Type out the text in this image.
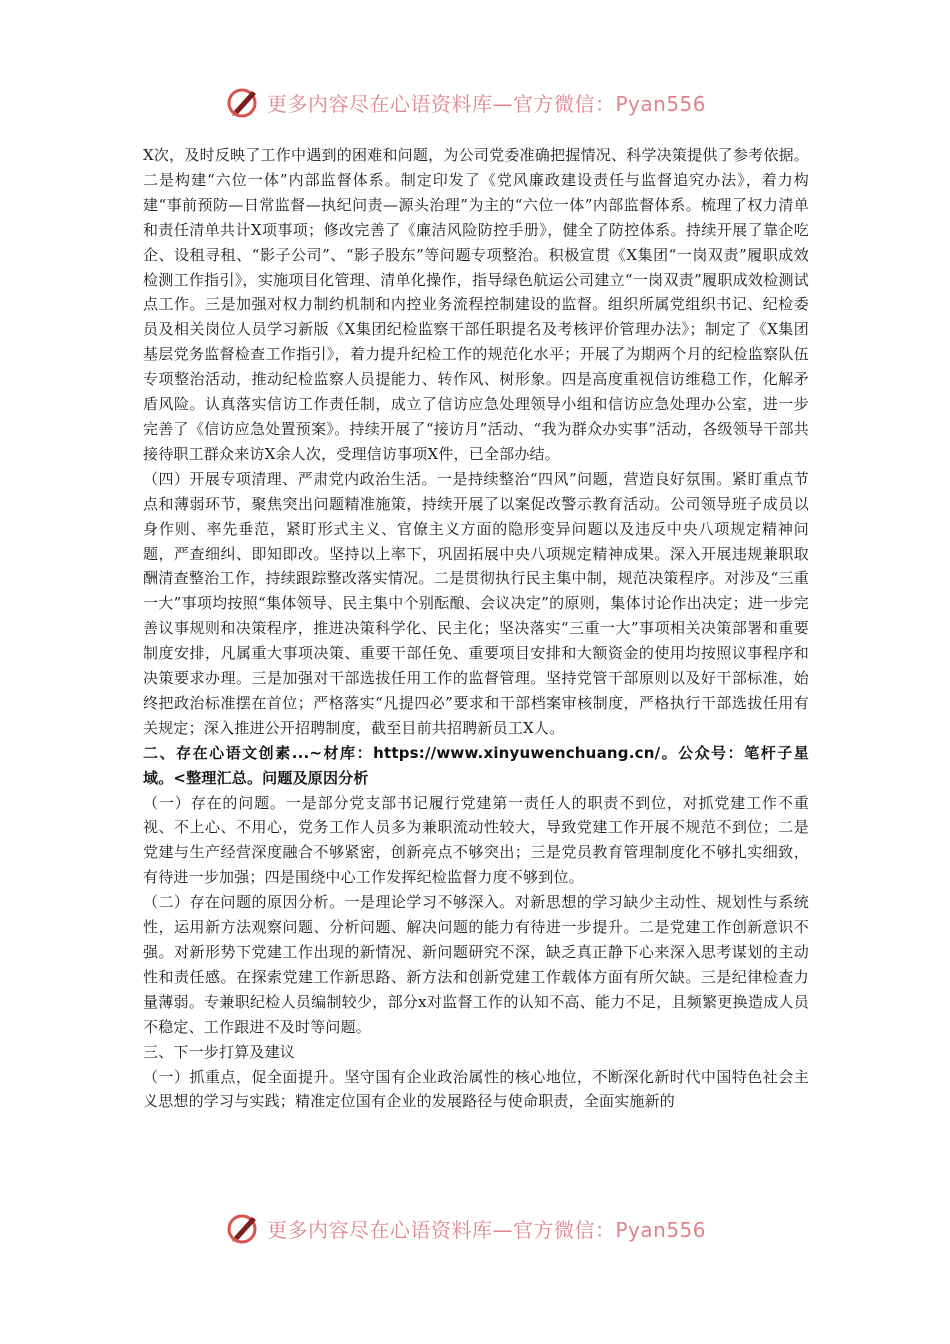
更多内容尽在心语资料库—官方微信：Pyan556

X次，及时反映了工作中遇到的困难和问题，为公司党委准确把握情况、科学决策提供了参考依据。二是构建“六位一体”内部监督体系。制定印发了《党风廉政建设责任与监督追究办法》，着力构建“事前预防—日常监督—执纪问责—源头治理”为主的“六位一体”内部监督体系。梳理了权力清单和责任清单共计X项事项；修改完善了《廉洁风险防控手册》，健全了防控体系。持续开展了靠企吃企、设租寻租、“影子公司”、“影子股东”等问题专项整治。积极宣贯《X集团“一岗双责”履职成效检测工作指引》，实施项目化管理、清单化操作，指导绿色航运公司建立“一岗双责”履职成效检测试点工作。三是加强对权力制约机制和内控业务流程控制建设的监督。组织所属党组织书记、纪检委员及相关岗位人员学习新版《X集团纪检监察干部任职提名及考核评价管理办法》；制定了《X集团基层党务监督检查工作指引》，着力提升纪检工作的规范化水平；开展了为期两个月的纪检监察队伍专项整治活动，推动纪检监察人员提能力、转作风、树形象。四是高度重视信访维稳工作，化解矛盾风险。认真落实信访工作责任制，成立了信访应急处理领导小组和信访应急处理办公室，进一步完善了《信访应急处置预案》。持续开展了“接访月”活动、“我为群众办实事”活动，各级领导干部共接待职工群众来访X余人次，受理信访事项X件，已全部办结。

（四）开展专项清理、严肃党内政治生活。一是持续整治“四风”问题，营造良好氛围。紧盯重点节点和薄弱环节，聚焦突出问题精准施策，持续开展了以案促改警示教育活动。公司领导班子成员以身作则、率先垂范，紧盯形式主义、官僚主义方面的隐形变异问题以及违反中央八项规定精神问题，严查细纠、即知即改。坚持以上率下，巩固拓展中央八项规定精神成果。深入开展违规兼职取酬清查整治工作，持续跟踪整改落实情况。二是贯彻执行民主集中制，规范决策程序。对涉及“三重一大”事项均按照“集体领导、民主集中个别酝酿、会议决定”的原则，集体讨论作出决定；进一步完善议事规则和决策程序，推进决策科学化、民主化；坚决落实“三重一大”事项相关决策部署和重要制度安排，凡属重大事项决策、重要干部任免、重要项目安排和大额资金的使用均按照议事程序和决策要求办理。三是加强对干部选拔任用工作的监督管理。坚持党管干部原则以及好干部标准，始终把政治标准摆在首位；严格落实“凡提四必”要求和干部档案审核制度，严格执行干部选拔任用有关规定；深入推进公开招聘制度，截至目前共招聘新员工X人。

二、存在心语文创素...~材库：https://www.xinyuwenchuang.cn/。公众号：笔杆子星域。<整理汇总。问题及原因分析

（一）存在的问题。一是部分党支部书记履行党建第一责任人的职责不到位，对抓党建工作不重视、不上心、不用心，党务工作人员多为兼职流动性较大，导致党建工作开展不规范不到位；二是党建与生产经营深度融合不够紧密，创新亮点不够突出；三是党员教育管理制度化不够扎实细致，有待进一步加强；四是围绕中心工作发挥纪检监督力度不够到位。

（二）存在问题的原因分析。一是理论学习不够深入。对新思想的学习缺少主动性、规划性与系统性，运用新方法观察问题、分析问题、解决问题的能力有待进一步提升。二是党建工作创新意识不强。对新形势下党建工作出现的新情况、新问题研究不深，缺乏真正静下心来深入思考谋划的主动性和责任感。在探索党建工作新思路、新方法和创新党建工作载体方面有所欠缺。三是纪律检查力量薄弱。专兼职纪检人员编制较少，部分x对监督工作的认知不高、能力不足，且频繁更换造成人员不稳定、工作跟进不及时等问题。

三、下一步打算及建议

（一）抓重点，促全面提升。坚守国有企业政治属性的核心地位，不断深化新时代中国特色社会主义思想的学习与实践；精准定位国有企业的发展路径与使命职责，全面实施新的

更多内容尽在心语资料库—官方微信：Pyan556
